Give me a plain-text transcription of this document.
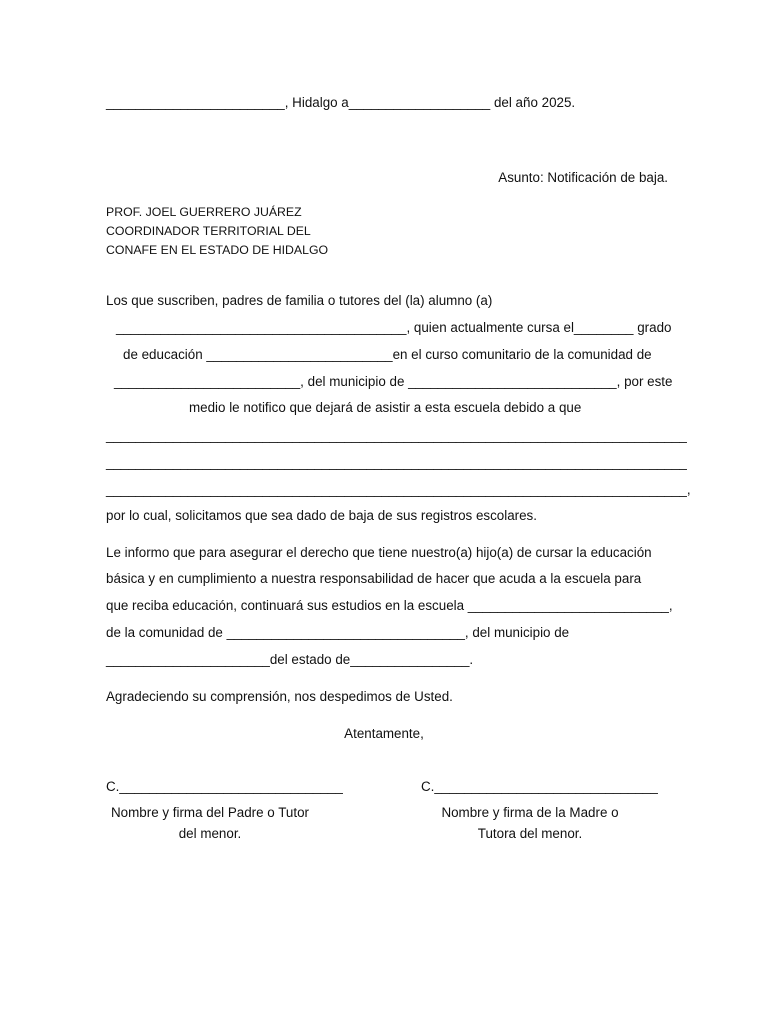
________________________, Hidalgo a___________________ del año 2025.
Asunto: Notificación de baja.
PROF. JOEL GUERRERO JUÁREZ
COORDINADOR TERRITORIAL DEL
CONAFE EN EL ESTADO DE HIDALGO
Los que suscriben, padres de familia o tutores del (la) alumno (a)
_______________________________________, quien actualmente cursa el________ grado
de educación _________________________en el curso comunitario de la comunidad de
_________________________, del municipio de ____________________________, por este
medio le notifico que dejará de asistir a esta escuela debido a que
______________________________________________________________________________
______________________________________________________________________________
______________________________________________________________________________,
por lo cual, solicitamos que sea dado de baja de sus registros escolares.
Le informo que para asegurar el derecho que tiene nuestro(a) hijo(a) de cursar la educación
básica y en cumplimiento a nuestra responsabilidad de hacer que acuda a la escuela para
que reciba educación, continuará sus estudios en la escuela ___________________________,
de la comunidad de ________________________________, del municipio de
______________________del estado de________________.
Agradeciendo su comprensión, nos despedimos de Usted.
Atentamente,
C.______________________________	C.______________________________
Nombre y firma del Padre o Tutor del menor.
Nombre y firma de la Madre o Tutora del menor.
